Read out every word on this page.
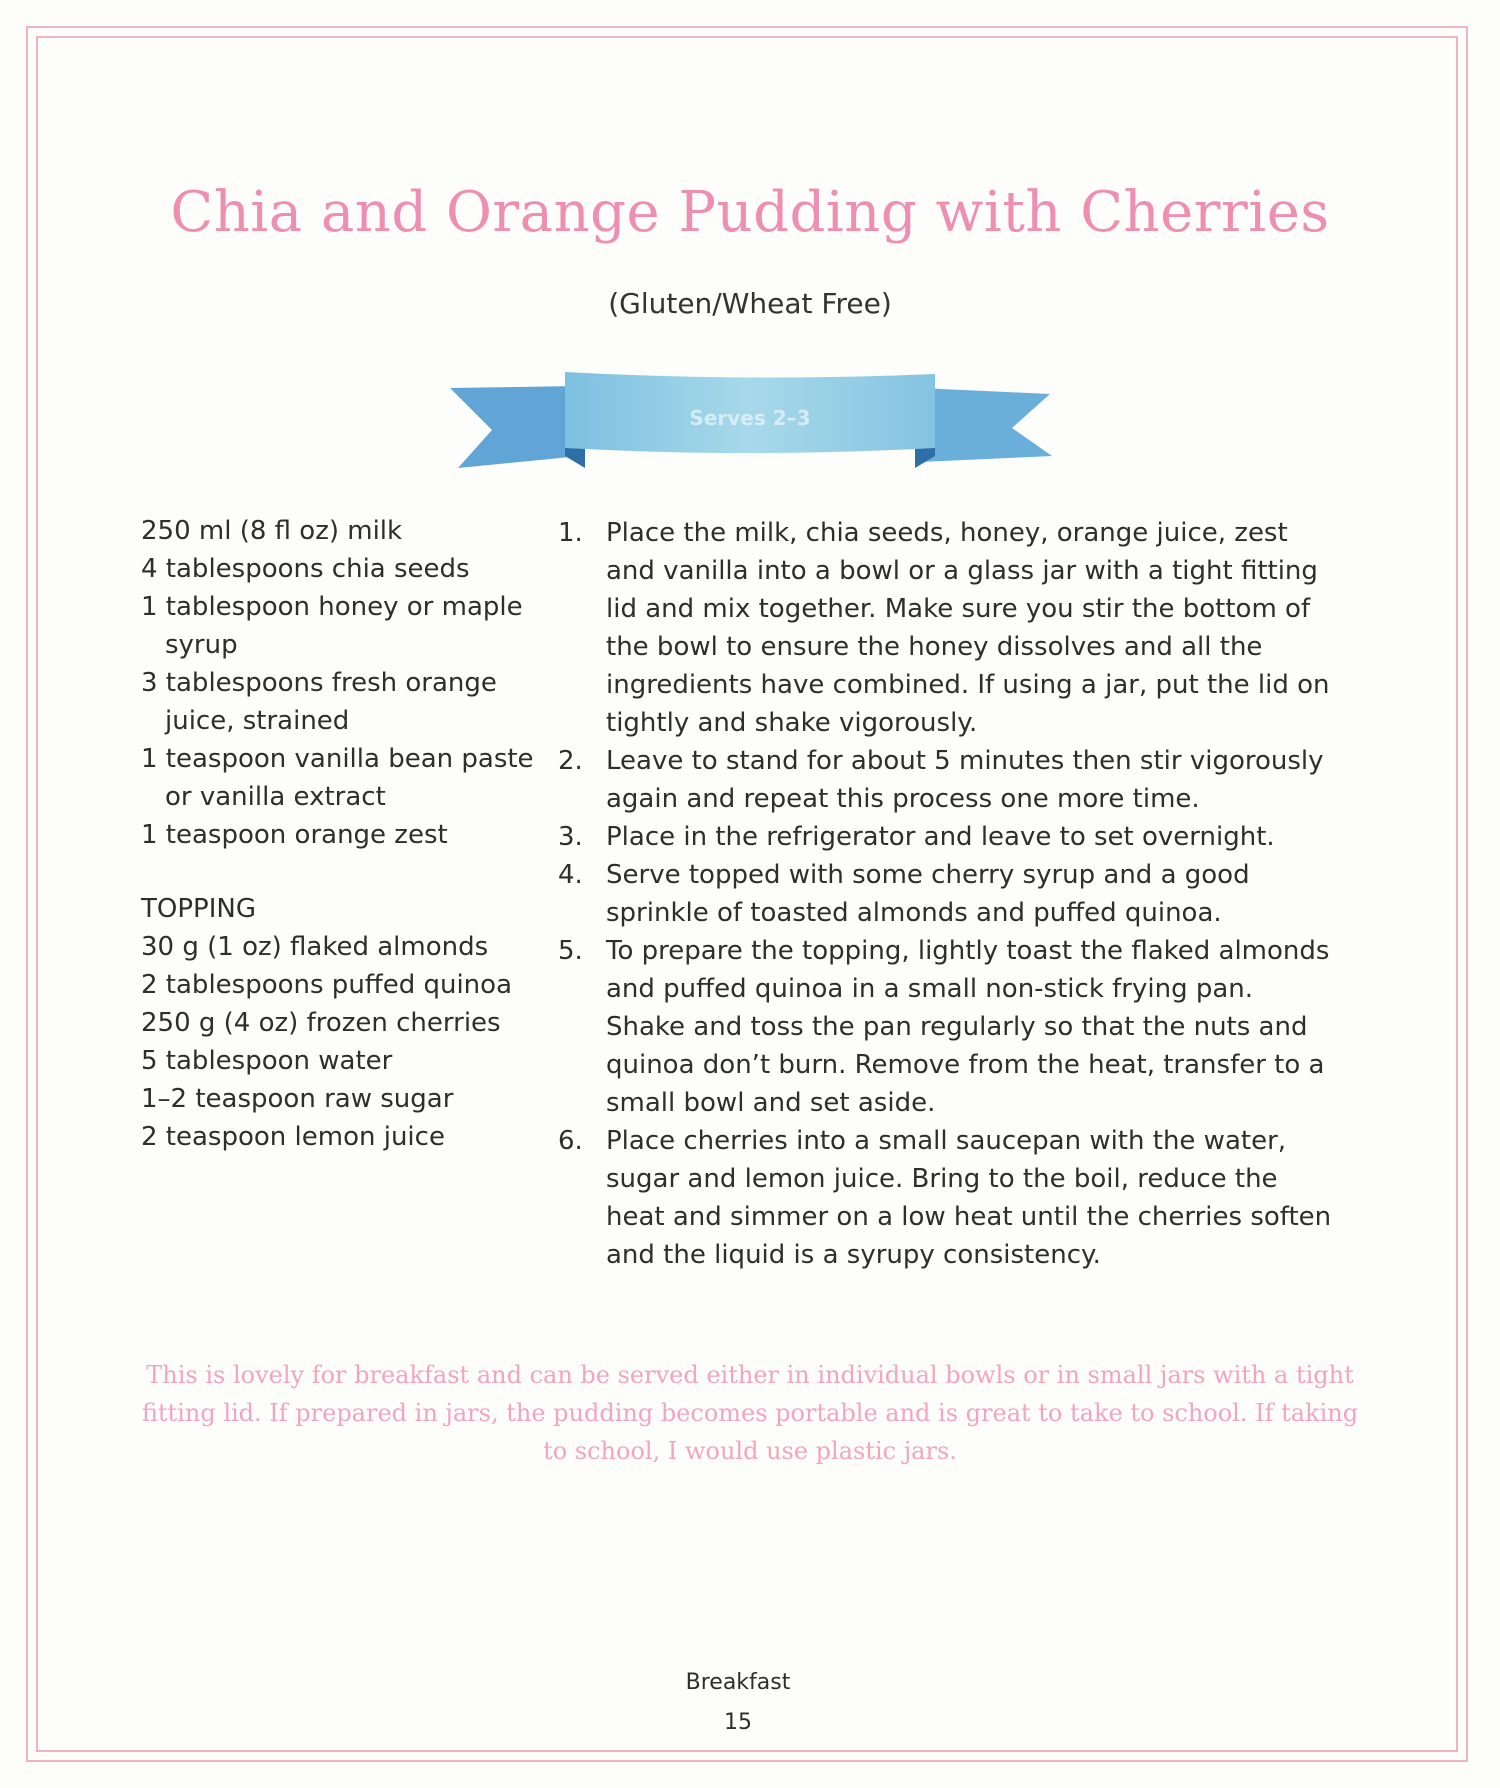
Chia and Orange Pudding with Cherries
(Gluten/Wheat Free)
Serves 2–3
250 ml (8 fl oz) milk
4 tablespoons chia seeds
1 tablespoon honey or maple syrup
3 tablespoons fresh orange juice, strained
1 teaspoon vanilla bean paste or vanilla extract
1 teaspoon orange zest
TOPPING
30 g (1 oz) flaked almonds
2 tablespoons puffed quinoa
250 g (4 oz) frozen cherries
5 tablespoon water
1–2 teaspoon raw sugar
2 teaspoon lemon juice
1. Place the milk, chia seeds, honey, orange juice, zest and vanilla into a bowl or a glass jar with a tight fitting lid and mix together. Make sure you stir the bottom of the bowl to ensure the honey dissolves and all the ingredients have combined. If using a jar, put the lid on tightly and shake vigorously.
2. Leave to stand for about 5 minutes then stir vigorously again and repeat this process one more time.
3. Place in the refrigerator and leave to set overnight.
4. Serve topped with some cherry syrup and a good sprinkle of toasted almonds and puffed quinoa.
5. To prepare the topping, lightly toast the flaked almonds and puffed quinoa in a small non-stick frying pan. Shake and toss the pan regularly so that the nuts and quinoa don’t burn. Remove from the heat, transfer to a small bowl and set aside.
6. Place cherries into a small saucepan with the water, sugar and lemon juice. Bring to the boil, reduce the heat and simmer on a low heat until the cherries soften and the liquid is a syrupy consistency.
This is lovely for breakfast and can be served either in individual bowls or in small jars with a tight fitting lid. If prepared in jars, the pudding becomes portable and is great to take to school. If taking to school, I would use plastic jars.
Breakfast
15
